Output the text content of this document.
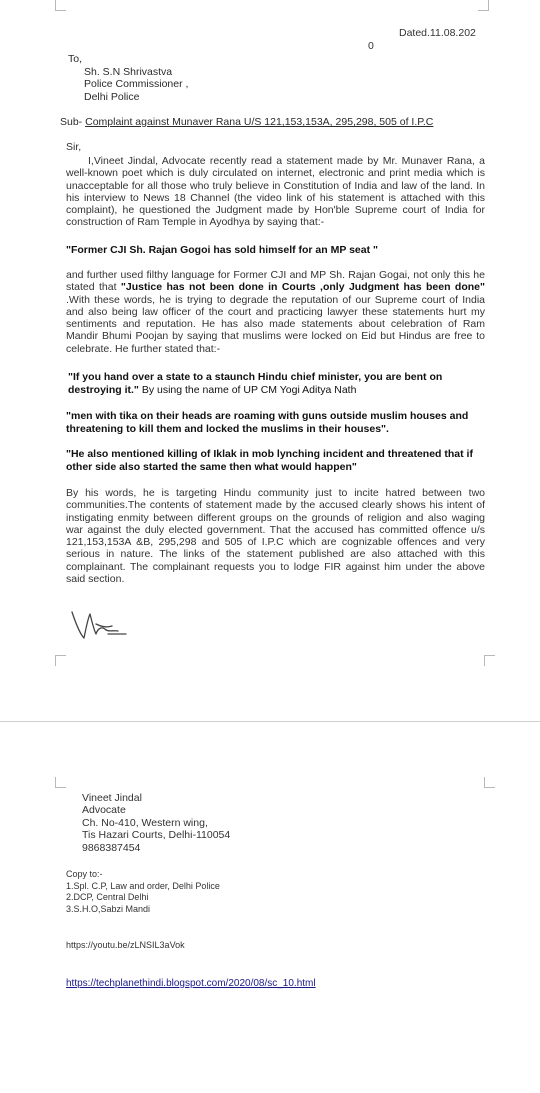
Dated.11.08.202
0
To,
Sh. S.N Shrivastva
Police Commissioner ,
Delhi Police
Sub- Complaint against Munaver Rana U/S 121,153,153A, 295,298, 505 of I.P.C
Sir,
I,Vineet Jindal, Advocate recently read a statement made by Mr. Munaver Rana, a well-known poet which is duly circulated on internet, electronic and print media which is unacceptable for all those who truly believe in Constitution of India and law of the land. In his interview to News 18 Channel (the video link of his statement is attached with this complaint), he questioned the Judgment made by Hon'ble Supreme court of India for construction of Ram Temple in Ayodhya by saying that:-
"Former CJI Sh. Rajan Gogoi has sold himself for an MP seat "
and further used filthy language for Former CJI and MP Sh. Rajan Gogai, not only this he stated that "Justice has not been done in Courts ,only Judgment has been done" .With these words, he is trying to degrade the reputation of our Supreme court of India and also being law officer of the court and practicing lawyer these statements hurt my sentiments and reputation. He has also made statements about celebration of Ram Mandir Bhumi Poojan by saying that muslims were locked on Eid but Hindus are free to celebrate. He further stated that:-
"If you hand over a state to a staunch Hindu chief minister, you are bent on destroying it." By using the name of UP CM Yogi Aditya Nath
"men with tika on their heads are roaming with guns outside muslim houses and threatening to kill them and locked the muslims in their houses".
"He also mentioned killing of Iklak in mob lynching incident and threatened that if other side also started the same then what would happen"
By his words, he is targeting Hindu community just to incite hatred between two communities.The contents of statement made by the accused clearly shows his intent of instigating enmity between different groups on the grounds of religion and also waging war against the duly elected government. That the accused has committed offence u/s 121,153,153A &B, 295,298 and 505 of I.P.C which are cognizable offences and very serious in nature. The links of the statement published are also attached with this complainant. The complainant requests you to lodge FIR against him under the above said section.
Vineet Jindal
Advocate
Ch. No-410, Western wing,
Tis Hazari Courts, Delhi-110054
9868387454
Copy to:-
1.Spl. C.P, Law and order, Delhi Police
2.DCP, Central Delhi
3.S.H.O,Sabzi Mandi
https://youtu.be/zLNSIL3aVok
https://techplanethindi.blogspot.com/2020/08/sc_10.html
